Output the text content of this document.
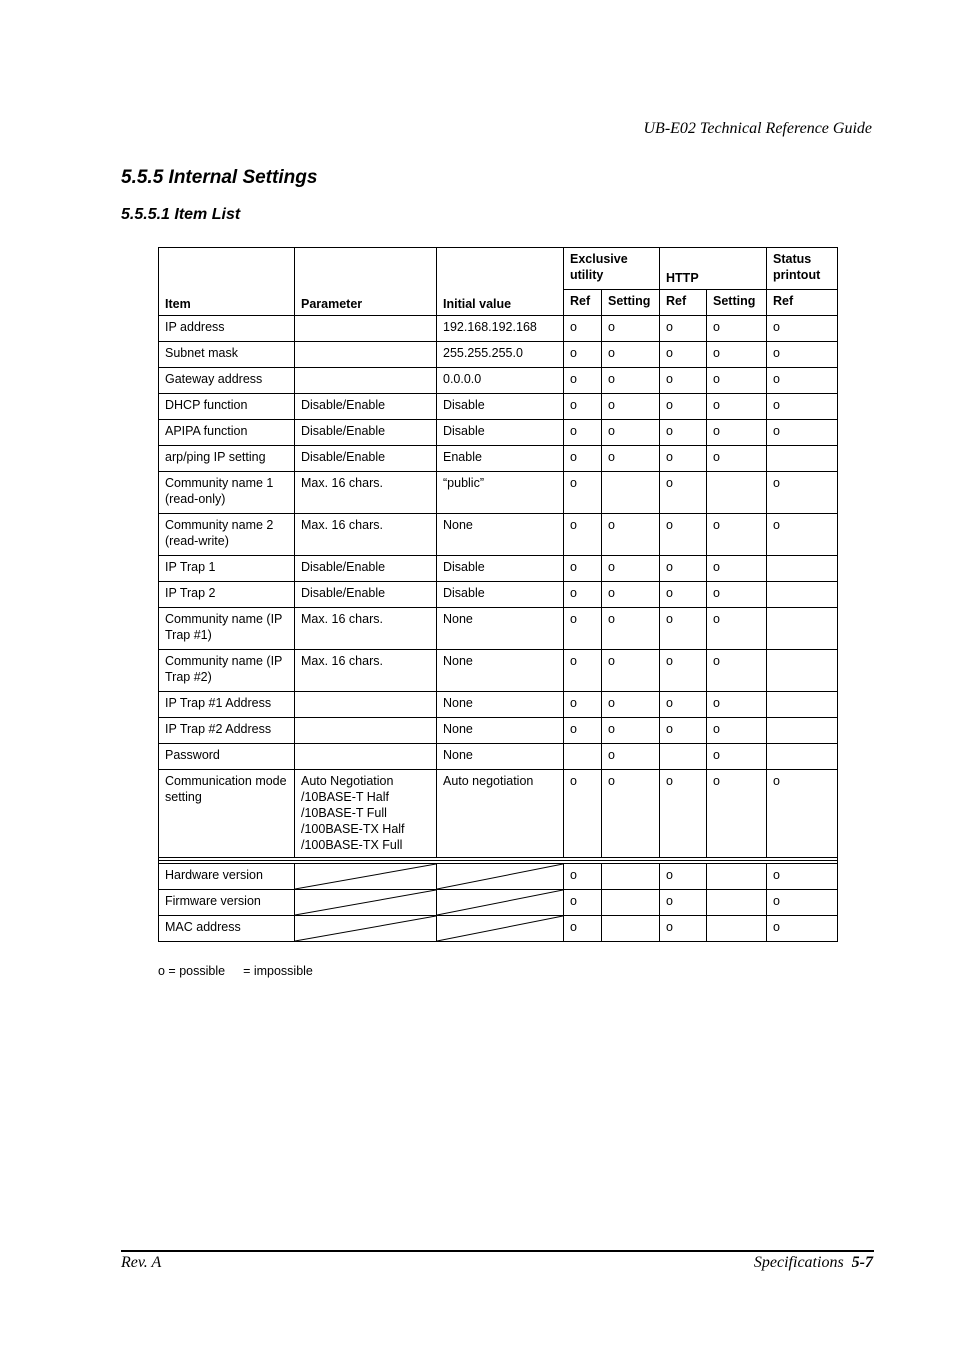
UB-E02 Technical Reference Guide
5.5.5 Internal Settings
5.5.5.1 Item List
Item	Parameter	Initial value	Exclusive utility		HTTP		Status printout
			Ref	Setting	Ref	Setting	Ref
IP address		192.168.192.168	o	o	o	o	o
Subnet mask		255.255.255.0	o	o	o	o	o
Gateway address		0.0.0.0	o	o	o	o	o
DHCP function	Disable/Enable	Disable	o	o	o	o	o
APIPA function	Disable/Enable	Disable	o	o	o	o	o
arp/ping IP setting	Disable/Enable	Enable	o	o	o	o	
Community name 1 (read-only)	Max. 16 chars.	“public”	o		o		o
Community name 2 (read-write)	Max. 16 chars.	None	o	o	o	o	o
IP Trap 1	Disable/Enable	Disable	o	o	o	o	
IP Trap 2	Disable/Enable	Disable	o	o	o	o	
Community name (IP Trap #1)	Max. 16 chars.	None	o	o	o	o	
Community name (IP Trap #2)	Max. 16 chars.	None	o	o	o	o	
IP Trap #1 Address		None	o	o	o	o	
IP Trap #2 Address		None	o	o	o	o	
Password		None		o		o	
Communication mode setting	Auto Negotiation /10BASE-T Half /10BASE-T Full /100BASE-TX Half /100BASE-TX Full	Auto negotiation	o	o	o	o	o

Hardware version			o		o		o
Firmware version			o		o		o
MAC address			o		o		o
o = possible = impossible
Rev. A	Specifications 5-7
